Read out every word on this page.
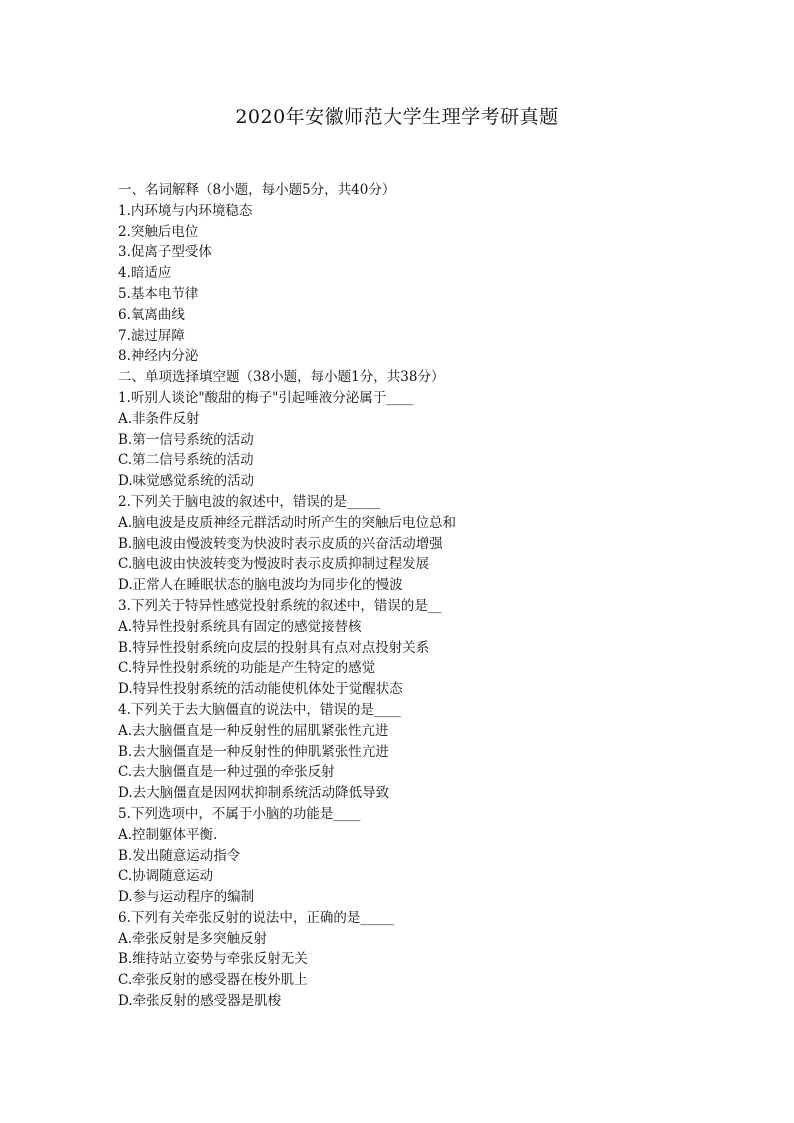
2020年安徽师范大学生理学考研真题
一、名词解释（8小题，每小题5分，共40分）
1.内环境与内环境稳态
2.突触后电位
3.促离子型受体
4.暗适应
5.基本电节律
6.氧离曲线
7.滤过屏障
8.神经内分泌
二、单项选择填空题（38小题，每小题1分，共38分）
1.听别人谈论"酸甜的梅子"引起唾液分泌属于____
A.非条件反射
B.第一信号系统的活动
C.第二信号系统的活动
D.味觉感觉系统的活动
2.下列关于脑电波的叙述中，错误的是_____
A.脑电波是皮质神经元群活动时所产生的突触后电位总和
B.脑电波由慢波转变为快波时表示皮质的兴奋活动增强
C.脑电波由快波转变为慢波时表示皮质抑制过程发展
D.正常人在睡眠状态的脑电波均为同步化的慢波
3.下列关于特异性感觉投射系统的叙述中，错误的是__
A.特异性投射系统具有固定的感觉接替核
B.特异性投射系统向皮层的投射具有点对点投射关系
C.特异性投射系统的功能是产生特定的感觉
D.特异性投射系统的活动能使机体处于觉醒状态
4.下列关于去大脑僵直的说法中，错误的是____
A.去大脑僵直是一种反射性的屈肌紧张性亢进
B.去大脑僵直是一种反射性的伸肌紧张性亢进
C.去大脑僵直是一种过强的牵张反射
D.去大脑僵直是因网状抑制系统活动降低导致
5.下列选项中，不属于小脑的功能是____
A.控制躯体平衡.
B.发出随意运动指令
C.协调随意运动
D.参与运动程序的编制
6.下列有关牵张反射的说法中，正确的是_____
A.牵张反射是多突触反射
B.维持站立姿势与牵张反射无关
C.牵张反射的感受器在梭外肌上
D.牵张反射的感受器是肌梭
